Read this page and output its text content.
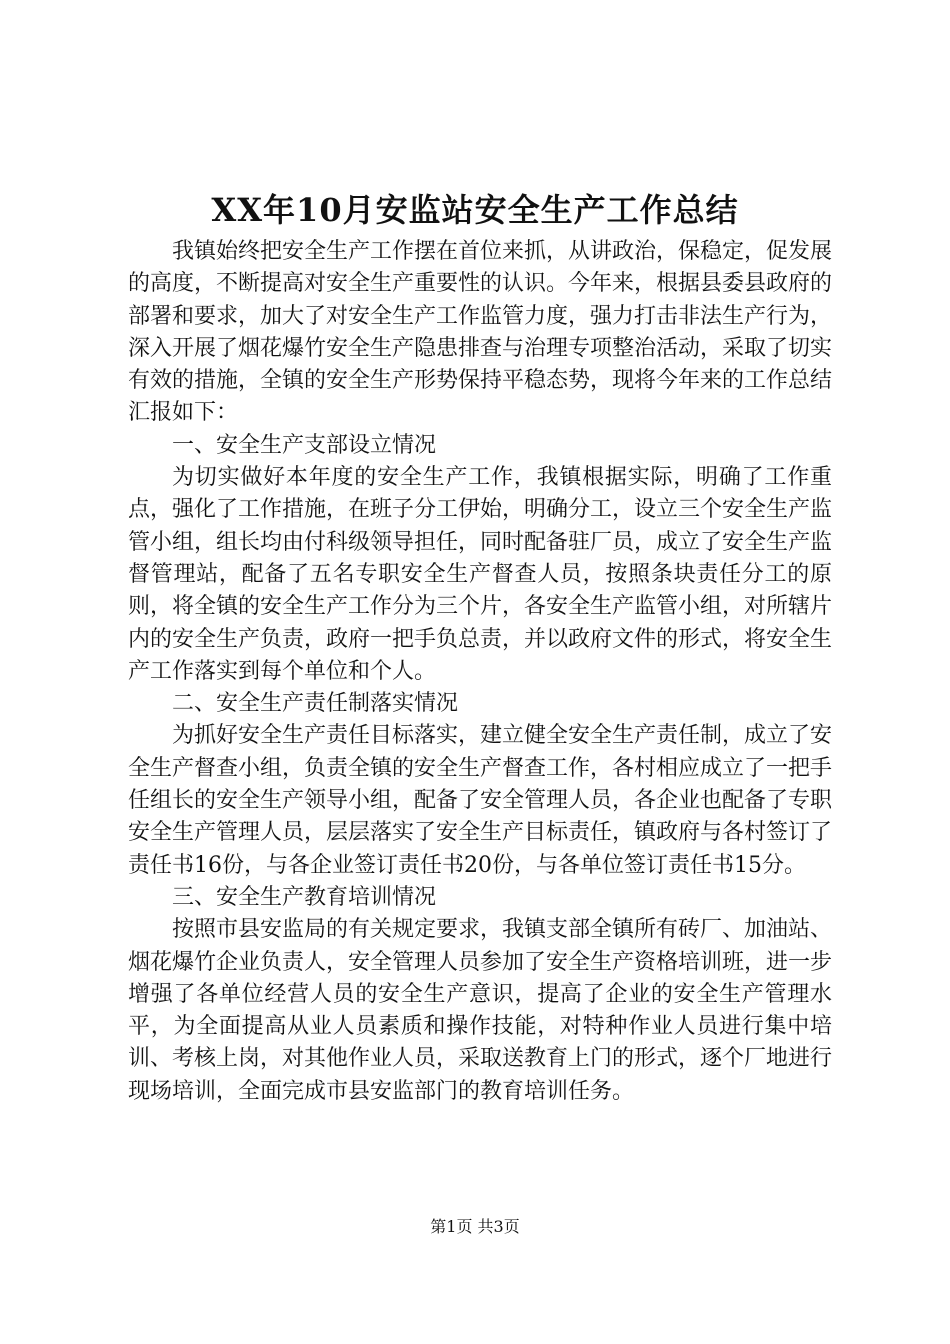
XX年10月安监站安全生产工作总结

我镇始终把安全生产工作摆在首位来抓，从讲政治，保稳定，促发展的高度，不断提高对安全生产重要性的认识。今年来，根据县委县政府的部署和要求，加大了对安全生产工作监管力度，强力打击非法生产行为，深入开展了烟花爆竹安全生产隐患排查与治理专项整治活动，采取了切实有效的措施，全镇的安全生产形势保持平稳态势，现将今年来的工作总结汇报如下：

一、安全生产支部设立情况

为切实做好本年度的安全生产工作，我镇根据实际，明确了工作重点，强化了工作措施，在班子分工伊始，明确分工，设立三个安全生产监管小组，组长均由付科级领导担任，同时配备驻厂员，成立了安全生产监督管理站，配备了五名专职安全生产督查人员，按照条块责任分工的原则，将全镇的安全生产工作分为三个片，各安全生产监管小组，对所辖片内的安全生产负责，政府一把手负总责，并以政府文件的形式，将安全生产工作落实到每个单位和个人。

二、安全生产责任制落实情况

为抓好安全生产责任目标落实，建立健全安全生产责任制，成立了安全生产督查小组，负责全镇的安全生产督查工作，各村相应成立了一把手任组长的安全生产领导小组，配备了安全管理人员，各企业也配备了专职安全生产管理人员，层层落实了安全生产目标责任，镇政府与各村签订了责任书16份，与各企业签订责任书20份，与各单位签订责任书15分。

三、安全生产教育培训情况

按照市县安监局的有关规定要求，我镇支部全镇所有砖厂、加油站、烟花爆竹企业负责人，安全管理人员参加了安全生产资格培训班，进一步增强了各单位经营人员的安全生产意识，提高了企业的安全生产管理水平，为全面提高从业人员素质和操作技能，对特种作业人员进行集中培训、考核上岗，对其他作业人员，采取送教育上门的形式，逐个厂地进行现场培训，全面完成市县安监部门的教育培训任务。

第1页 共3页
